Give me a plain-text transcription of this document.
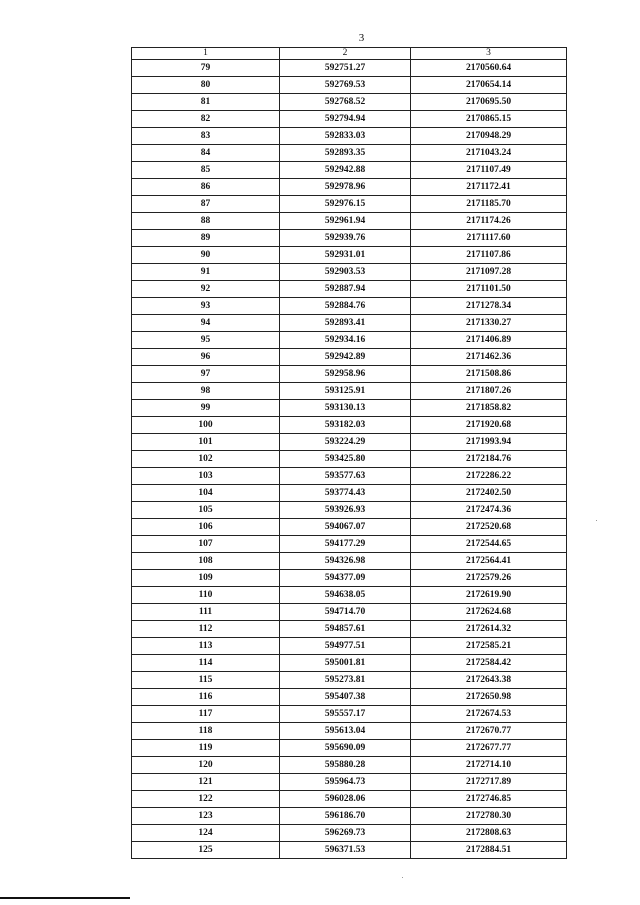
3
1	2	3
79	592751.27	2170560.64
80	592769.53	2170654.14
81	592768.52	2170695.50
82	592794.94	2170865.15
83	592833.03	2170948.29
84	592893.35	2171043.24
85	592942.88	2171107.49
86	592978.96	2171172.41
87	592976.15	2171185.70
88	592961.94	2171174.26
89	592939.76	2171117.60
90	592931.01	2171107.86
91	592903.53	2171097.28
92	592887.94	2171101.50
93	592884.76	2171278.34
94	592893.41	2171330.27
95	592934.16	2171406.89
96	592942.89	2171462.36
97	592958.96	2171508.86
98	593125.91	2171807.26
99	593130.13	2171858.82
100	593182.03	2171920.68
101	593224.29	2171993.94
102	593425.80	2172184.76
103	593577.63	2172286.22
104	593774.43	2172402.50
105	593926.93	2172474.36
106	594067.07	2172520.68
107	594177.29	2172544.65
108	594326.98	2172564.41
109	594377.09	2172579.26
110	594638.05	2172619.90
111	594714.70	2172624.68
112	594857.61	2172614.32
113	594977.51	2172585.21
114	595001.81	2172584.42
115	595273.81	2172643.38
116	595407.38	2172650.98
117	595557.17	2172674.53
118	595613.04	2172670.77
119	595690.09	2172677.77
120	595880.28	2172714.10
121	595964.73	2172717.89
122	596028.06	2172746.85
123	596186.70	2172780.30
124	596269.73	2172808.63
125	596371.53	2172884.51
